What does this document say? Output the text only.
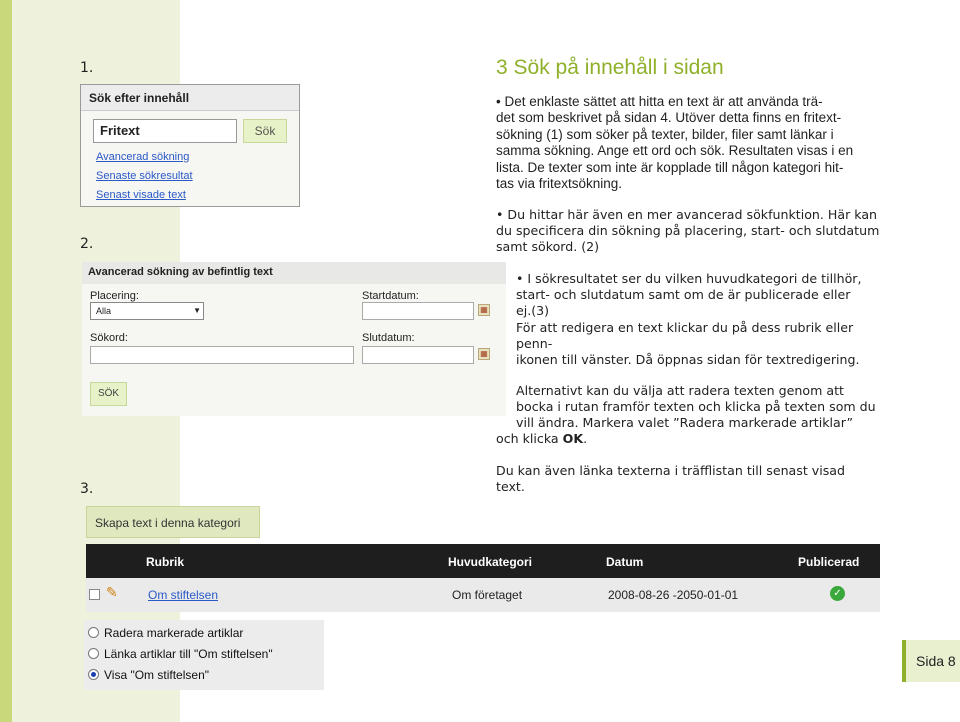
1.
2.
3.
3 Sök på innehåll i sidan
• Det enklaste sättet att hitta en text är att använda trä-
det som beskrivet på sidan 4. Utöver detta finns en fritext-
sökning (1) som söker på texter, bilder, filer samt länkar i
samma sökning. Ange ett ord och sök. Resultaten visas i en
lista. De texter som inte är kopplade till någon kategori hit-
tas via fritextsökning.
• Du hittar här även en mer avancerad sökfunktion. Här kan
du specificera din sökning på placering, start- och slutdatum
samt sökord. (2)
• I sökresultatet ser du vilken huvudkategori de tillhör,
start- och slutdatum samt om de är publicerade eller
ej.(3)
För att redigera en text klickar du på dess rubrik eller
penn-
ikonen till vänster. Då öppnas sidan för textredigering.
Alternativt kan du välja att radera texten genom att
bocka i rutan framför texten och klicka på texten som du
vill ändra. Markera valet ”Radera markerade artiklar”
och klicka OK.
Du kan även länka texterna i träfflistan till senast visad
text.
Sök efter innehåll
Fritext	Sök
Avancerad sökning
Senaste sökresultat
Senast visade text
Avancerad sökning av befintlig text
Placering:
Alla	▼
Sökord:
Startdatum:
▦
Slutdatum:
▦
SÖK
Skapa text i denna kategori
Rubrik	Huvudkategori	Datum	Publicerad
✎	Om stiftelsen	Om företaget	2008-08-26 -2050-01-01	✓
Radera markerade artiklar
Länka artiklar till "Om stiftelsen"
Visa "Om stiftelsen"
Sida 8
